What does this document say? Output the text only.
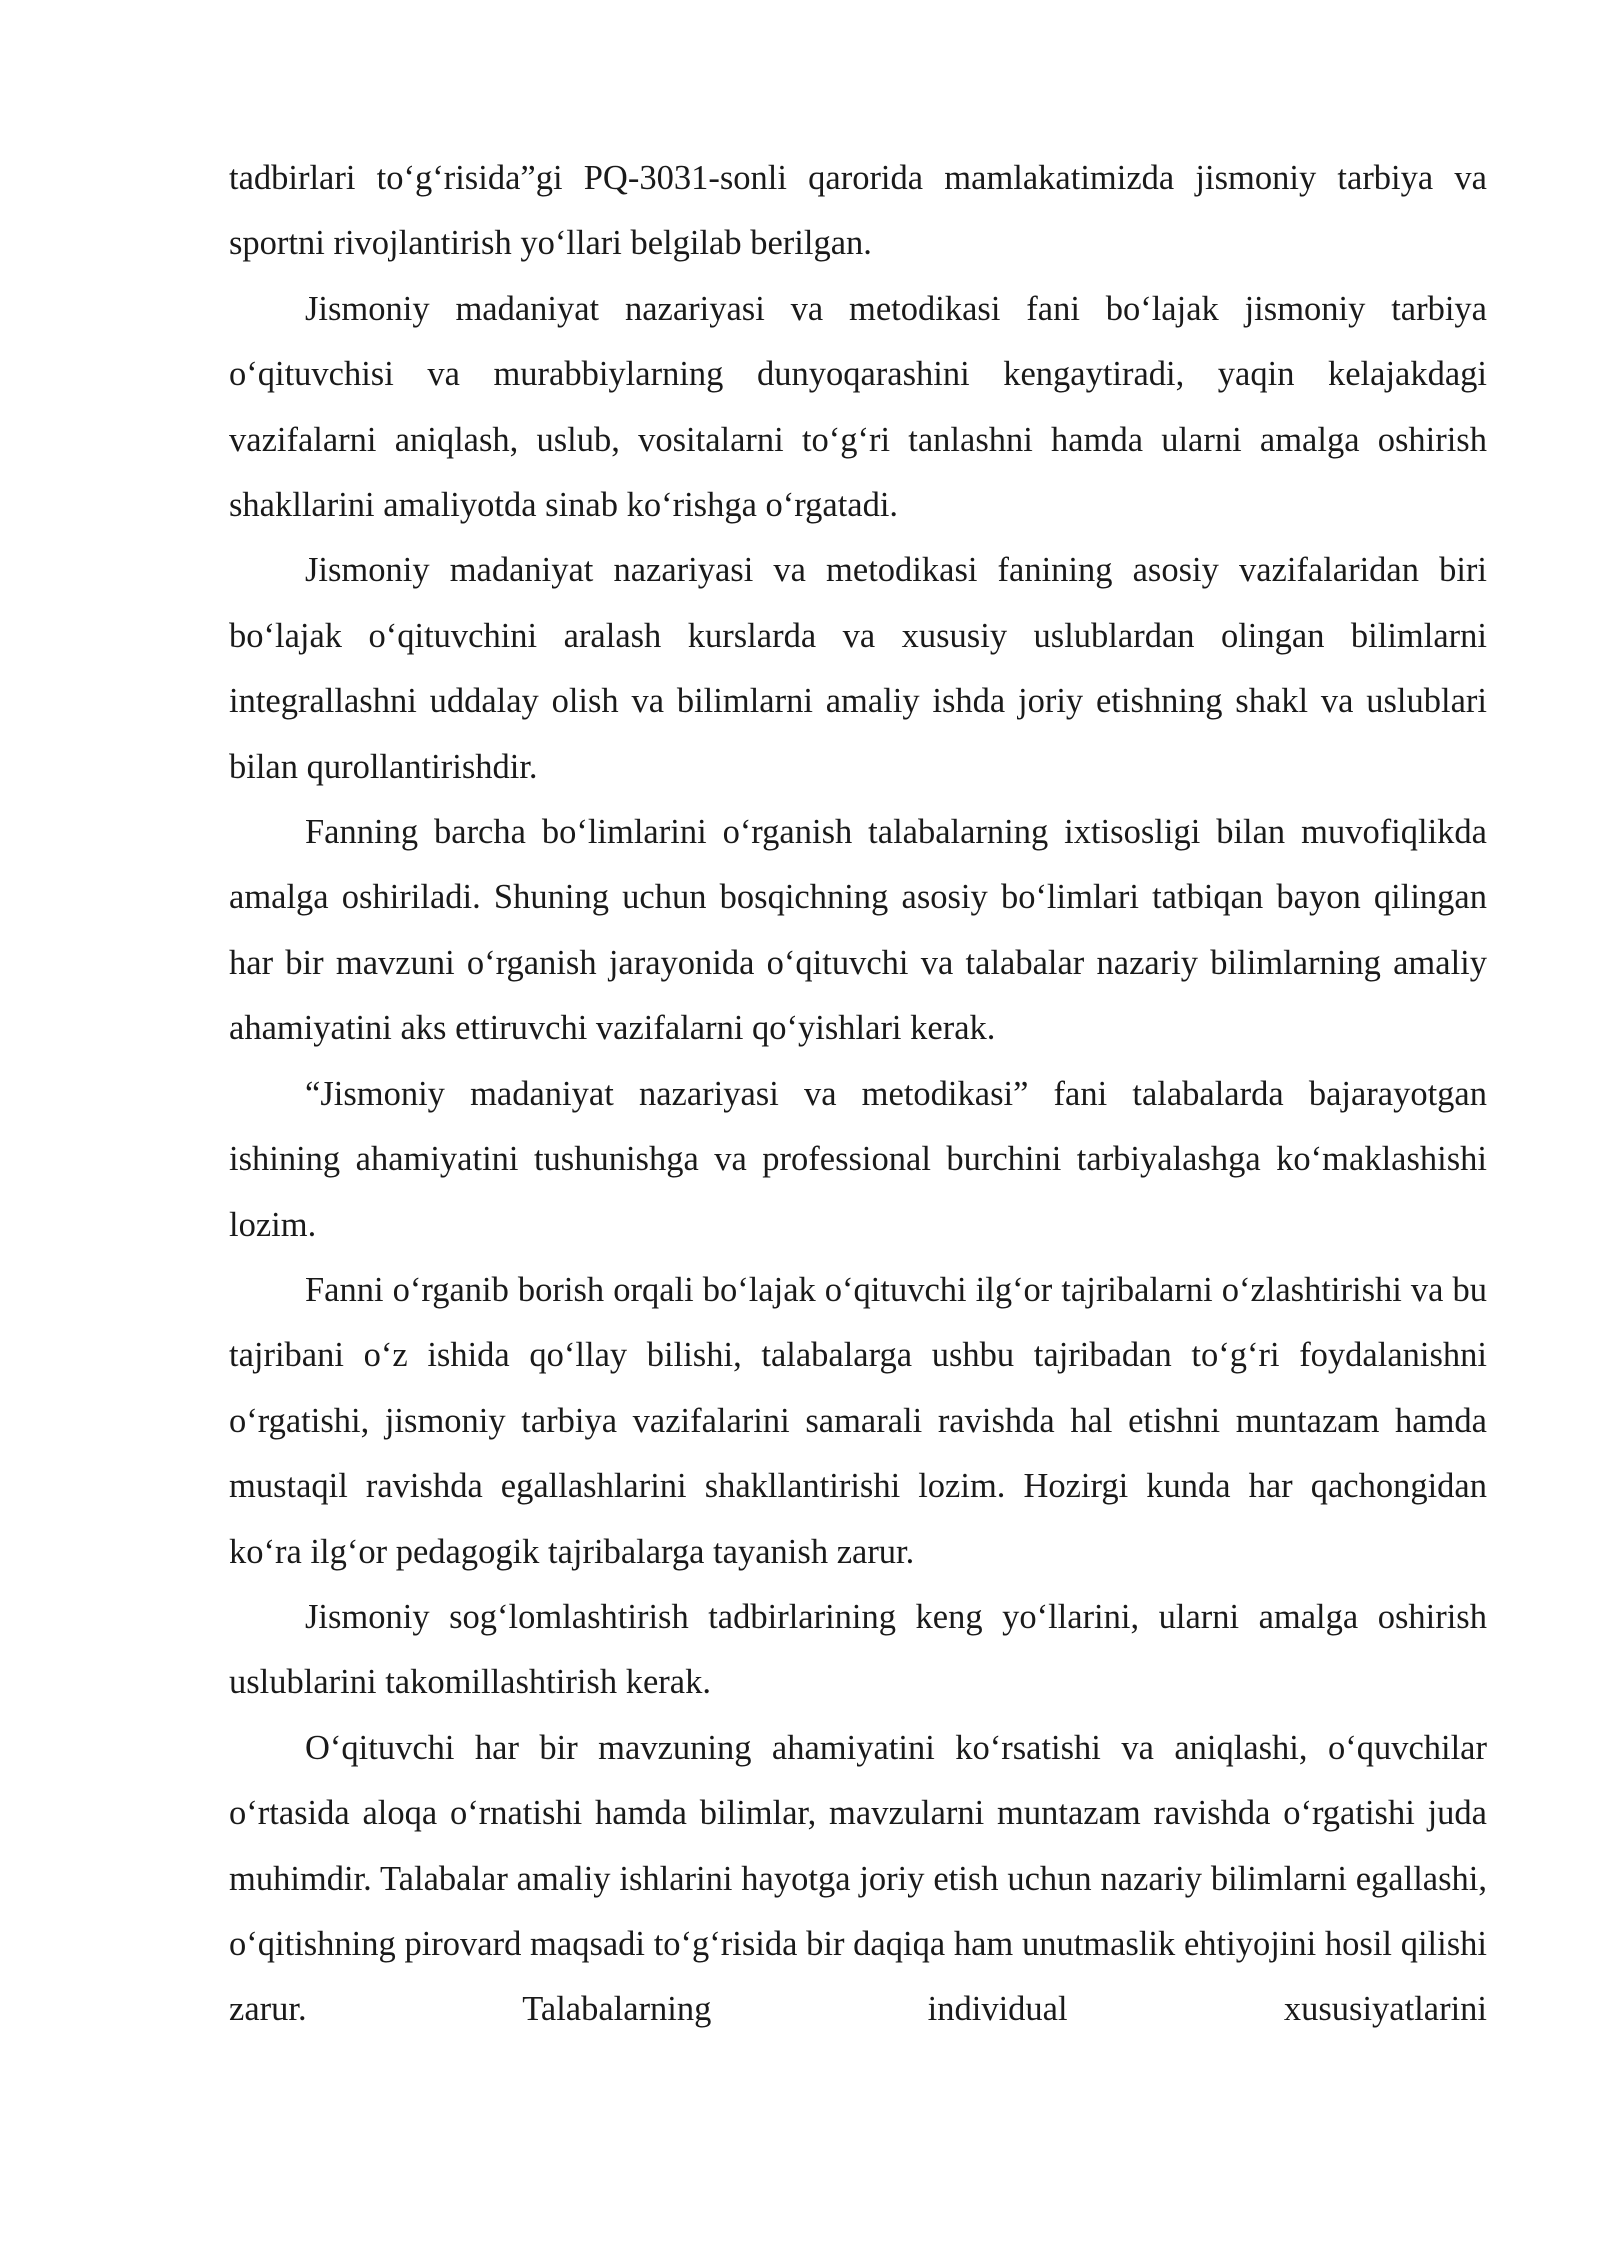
tadbirlari to‘g‘risida”gi PQ-3031-sonli qarorida mamlakatimizda jismoniy tarbiya va sportni rivojlantirish yo‘llari belgilab berilgan.

Jismoniy madaniyat nazariyasi va metodikasi fani bo‘lajak jismoniy tarbiya o‘qituvchisi va murabbiylarning dunyoqarashini kengaytiradi, yaqin kelajakdagi vazifalarni aniqlash, uslub, vositalarni to‘g‘ri tanlashni hamda ularni amalga oshirish shakllarini amaliyotda sinab ko‘rishga o‘rgatadi.

Jismoniy madaniyat nazariyasi va metodikasi fanining asosiy vazifalaridan biri bo‘lajak o‘qituvchini aralash kurslarda va xususiy uslublardan olingan bilimlarni integrallashni uddalay olish va bilimlarni amaliy ishda joriy etishning shakl va uslublari bilan qurollantirishdir.

Fanning barcha bo‘limlarini o‘rganish talabalarning ixtisosligi bilan muvofiqlikda amalga oshiriladi. Shuning uchun bosqichning asosiy bo‘limlari tatbiqan bayon qilingan har bir mavzuni o‘rganish jarayonida o‘qituvchi va talabalar nazariy bilimlarning amaliy ahamiyatini aks ettiruvchi vazifalarni qo‘yishlari kerak.

“Jismoniy madaniyat nazariyasi va metodikasi” fani talabalarda bajarayotgan ishining ahamiyatini tushunishga va professional burchini tarbiyalashga ko‘maklashishi lozim.

Fanni o‘rganib borish orqali bo‘lajak o‘qituvchi ilg‘or tajribalarni o‘zlashtirishi va bu tajribani o‘z ishida qo‘llay bilishi, talabalarga ushbu tajribadan to‘g‘ri foydalanishni o‘rgatishi, jismoniy tarbiya vazifalarini samarali ravishda hal etishni muntazam hamda mustaqil ravishda egallashlarini shakllantirishi lozim. Hozirgi kunda har qachongidan ko‘ra ilg‘or pedagogik tajribalarga tayanish zarur.

Jismoniy sog‘lomlashtirish tadbirlarining keng yo‘llarini, ularni amalga oshirish uslublarini takomillashtirish kerak.

O‘qituvchi har bir mavzuning ahamiyatini ko‘rsatishi va aniqlashi, o‘quvchilar o‘rtasida aloqa o‘rnatishi hamda bilimlar, mavzularni muntazam ravishda o‘rgatishi juda muhimdir. Talabalar amaliy ishlarini hayotga joriy etish uchun nazariy bilimlarni egallashi, o‘qitishning pirovard maqsadi to‘g‘risida bir daqiqa ham unutmaslik ehtiyojini hosil qilishi zarur. Talabalarning individual xususiyatlarini
